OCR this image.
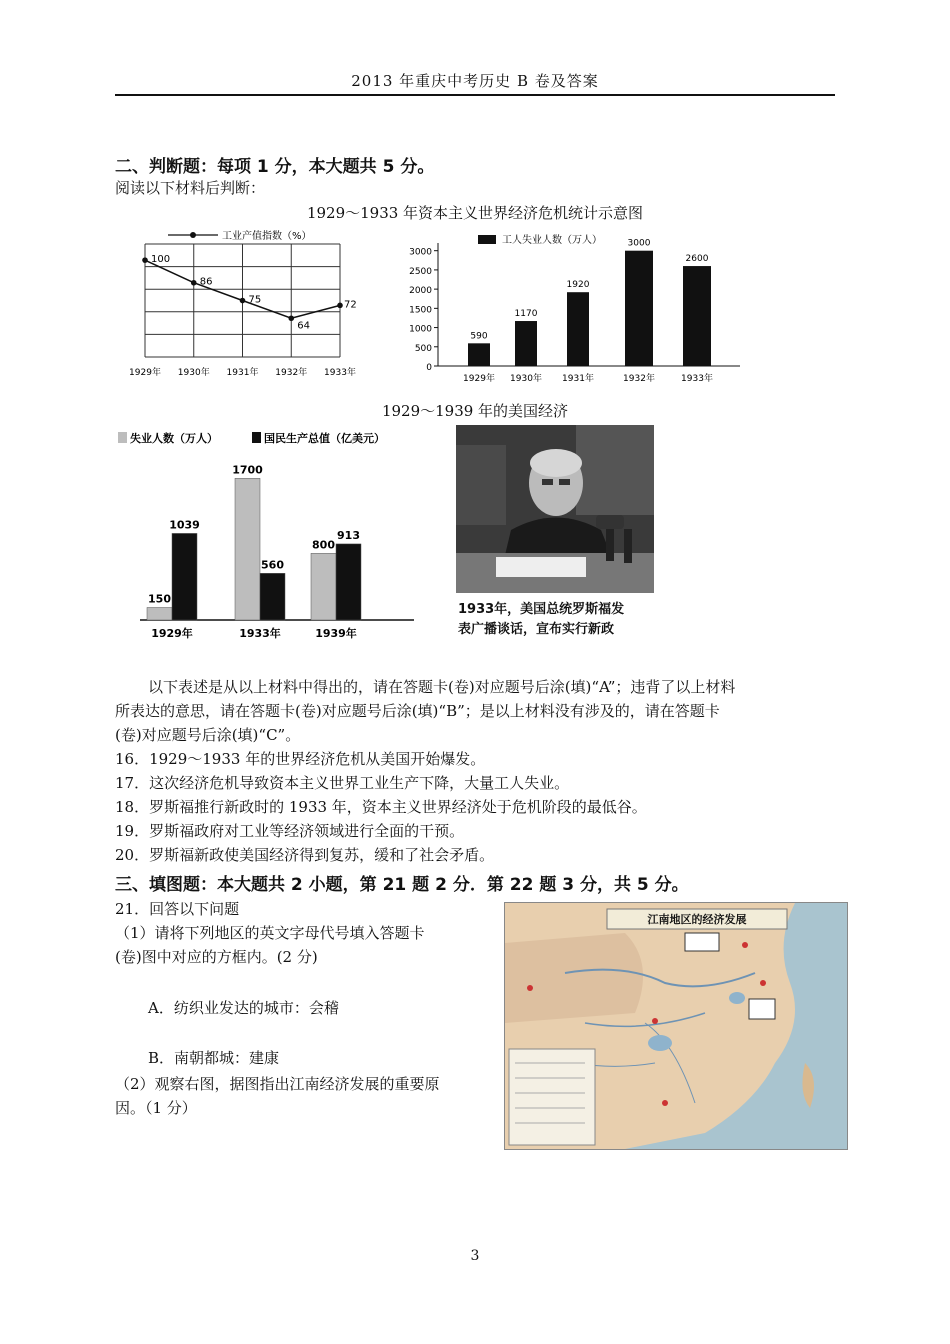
2013 年重庆中考历史 B 卷及答案
二、判断题：每项 1 分，本大题共 5 分。
阅读以下材料后判断：
1929～1933 年资本主义世界经济危机统计示意图
工业产值指数（%）
100
1929年
86
1930年
75
1931年
64
1932年
72
1933年	0
500
1000
1500
2000
2500
3000
工人失业人数（万人）
590
1929年
1170
1930年
1920
1931年
3000
1932年
2600
1933年
1929～1939 年的美国经济
失业人数（万人）	国民生产总值（亿美元）
150
1039
1929年
1700
560
1933年
800
913
1939年
1933年，美国总统罗斯福发
表广播谈话，宣布实行新政
以下表述是从以上材料中得出的，请在答题卡(卷)对应题号后涂(填)“A”；违背了以上材料
所表达的意思，请在答题卡(卷)对应题号后涂(填)“B”；是以上材料没有涉及的，请在答题卡
(卷)对应题号后涂(填)“C”。
16．1929～1933 年的世界经济危机从美国开始爆发。
17．这次经济危机导致资本主义世界工业生产下降，大量工人失业。
18．罗斯福推行新政时的 1933 年，资本主义世界经济处于危机阶段的最低谷。
19．罗斯福政府对工业等经济领域进行全面的干预。
20．罗斯福新政使美国经济得到复苏，缓和了社会矛盾。
三、填图题：本大题共 2 小题，第 21 题 2 分．第 22 题 3 分，共 5 分。
21．回答以下问题
（1）请将下列地区的英文字母代号填入答题卡
(卷)图中对应的方框内。(2 分)
A．纺织业发达的城市：会稽
B．南朝都城：建康
（2）观察右图，据图指出江南经济发展的重要原
因。（1 分）
江南地区的经济发展
3
